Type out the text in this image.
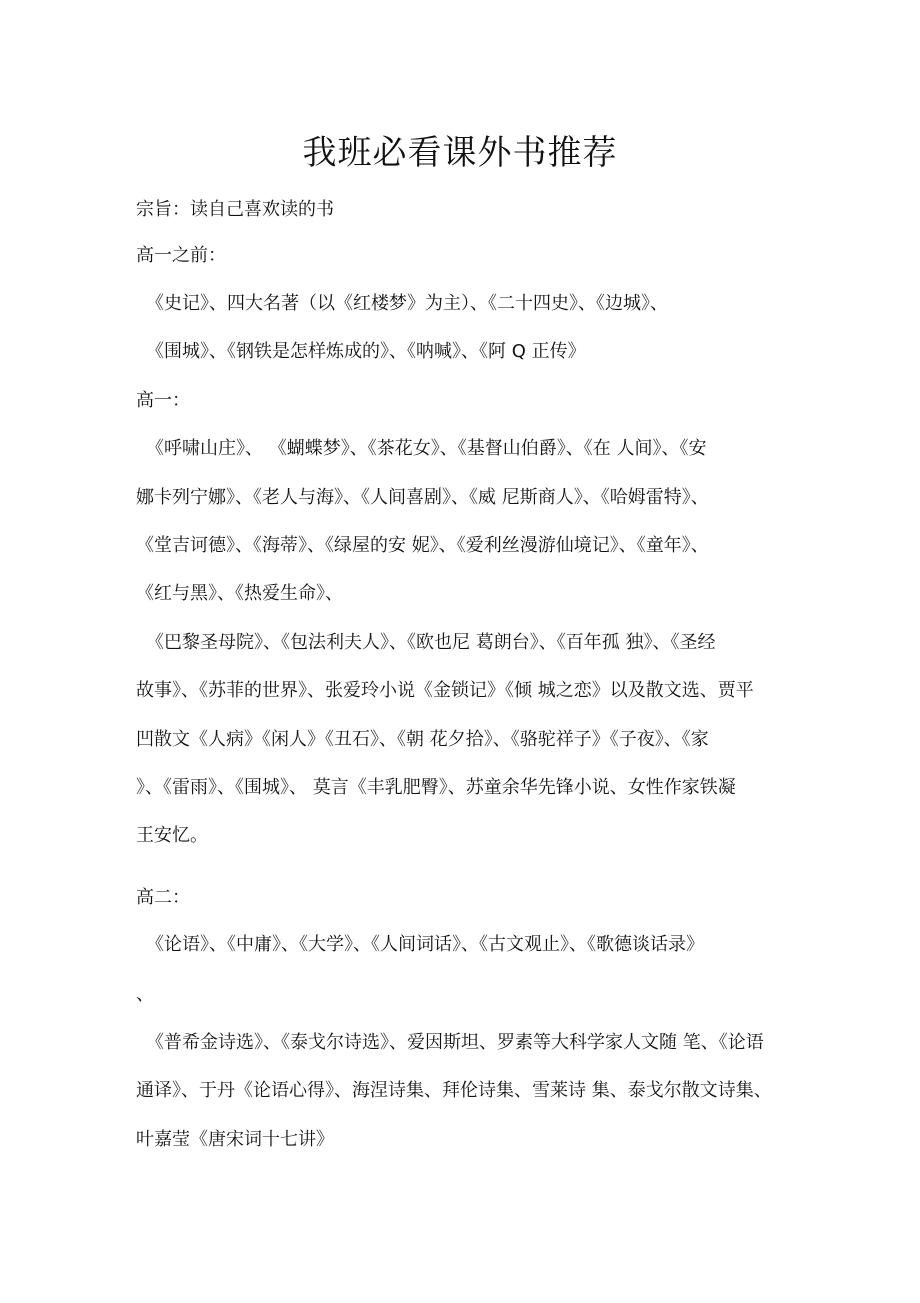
我班必看课外书推荐
宗旨：读自己喜欢读的书
高一之前：
《史记》、四大名著（以《红楼梦》为主）、《二十四史》、《边城》、
《围城》、《钢铁是怎样炼成的》、《呐喊》、《阿 Q 正传》
高一：
《呼啸山庄》、 《蝴蝶梦》、《茶花女》、《基督山伯爵》、《在 人间》、《安
娜卡列宁娜》、《老人与海》、《人间喜剧》、《威 尼斯商人》、《哈姆雷特》、
《堂吉诃德》、《海蒂》、《绿屋的安 妮》、《爱利丝漫游仙境记》、《童年》、
《红与黑》、《热爱生命》、
《巴黎圣母院》、《包法利夫人》、《欧也尼 葛朗台》、《百年孤 独》、《圣经
故事》、《苏菲的世界》、张爱玲小说《金锁记》《倾 城之恋》以及散文选、贾平
凹散文《人病》《闲人》《丑石》、《朝 花夕拾》、《骆驼祥子》《子夜》、《家
》、《雷雨》、《围城》、 莫言《丰乳肥臀》、苏童余华先锋小说、女性作家铁凝
王安忆。
高二：
《论语》、《中庸》、《大学》、《人间词话》、《古文观止》、《歌德谈话录》
、
《普希金诗选》、《泰戈尔诗选》、爱因斯坦、罗素等大科学家人文随 笔、《论语
通译》、于丹《论语心得》、海涅诗集、拜伦诗集、雪莱诗 集、泰戈尔散文诗集、
叶嘉莹《唐宋词十七讲》
